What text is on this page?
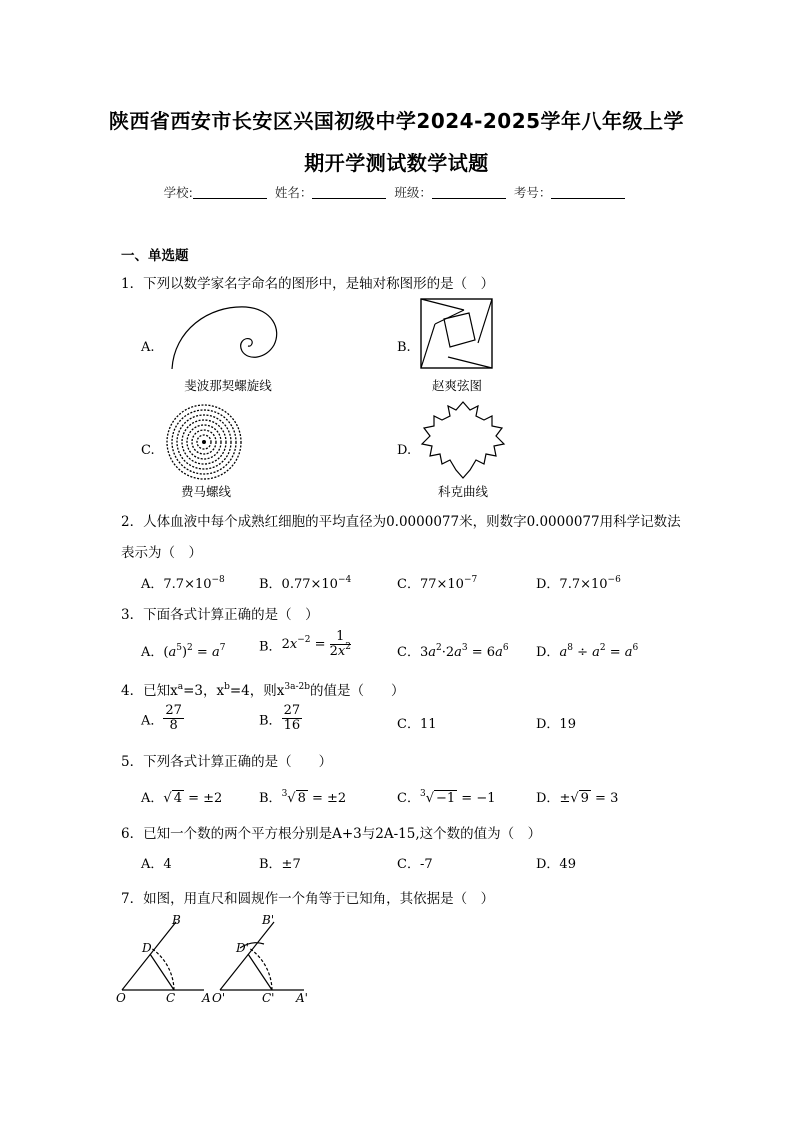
陕西省西安市长安区兴国初级中学2024-2025学年八年级上学
期开学测试数学试题
学校:	姓名：	班级：	考号：
一、单选题
1．下列以数学家名字命名的图形中，是轴对称图形的是（　）
A.
斐波那契螺旋线
B.
赵爽弦图
C.
费马螺线
D.
科克曲线
2．人体血液中每个成熟红细胞的平均直径为0.0000077米，则数字0.0000077用科学记数法
表示为（　）
A．$7.7\times 10^{-8}$	B．$0.77\times 10^{-4}$	C．$77\times 10^{-7}$	D．$7.7\times 10^{-6}$
3．下面各式计算正确的是（　）
A．$(a^5)^2 = a^7$	B．$2x^{-2} = \frac{1}{2x^2}$	C．$3a^2\cdot 2a^3 = 6a^6$ D．$a^8 \div a^2 = a^6$
4．已知$x^a=3$，$x^b=4$，则$x^{3a-2b}$的值是（　　）
A． $\frac{27}{8}$	B． $\frac{27}{16}$	C．11	D．19
5．下列各式计算正确的是（　　）
A．√ 4 = ±2	B．$^3$√ 8 = ±2	C．$^3$√ −1 = −1	D．±√ 9 = 3
6．已知一个数的两个平方根分别是A+3与2A-15,这个数的值为（　）
A．4	B．±7	C．-7	D．49
7．如图，用直尺和圆规作一个角等于已知角，其依据是（　）
B
D
O	C A
B'
D'
O'	C' A'
